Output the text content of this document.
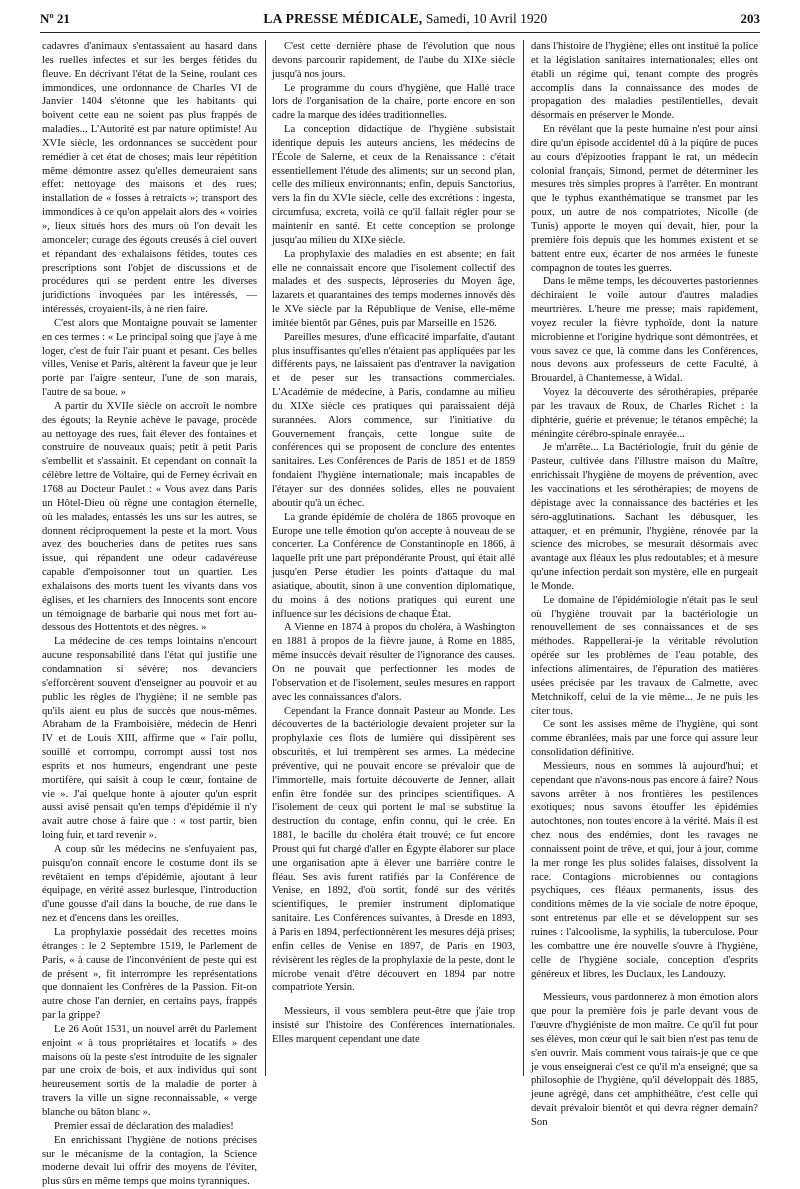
Nº 21	LA PRESSE MÉDICALE, Samedi, 10 Avril 1920	203

cadavres d'animaux s'entassaient au hasard dans les ruelles infectes et sur les berges fétides du fleuve. En décrivant l'état de la Seine, roulant ces immondices, une ordonnance de Charles VI de Janvier 1404 s'étonne que les habitants qui boivent cette eau ne soient pas plus frappés de maladies... L'Autorité est par nature optimiste! Au XVIe siècle, les ordonnances se succèdent pour remédier à cet état de choses; mais leur répétition même démontre assez qu'elles demeuraient sans effet: nettoyage des maisons et des rues; installation de « fosses à retraicts »; transport des immondices à ce qu'on appelait alors des « voiries », lieux situés hors des murs où l'on devait les amonceler; curage des égouts creusés à ciel ouvert et répandant des exhalaisons fétides, toutes ces prescriptions sont l'objet de discussions et de procédures qui se perdent entre les diverses juridictions invoquées par les intéressés, — intéressés, croyaient-ils, à ne rien faire.

C'est alors que Montaigne pouvait se lamenter en ces termes : « Le principal soing que j'aye à me loger, c'est de fuir l'air puant et pesant. Ces belles villes, Venise et Paris, altèrent la faveur que je leur porte par l'aigre senteur, l'une de son marais, l'autre de sa boue. »

A partir du XVIIe siècle on accroît le nombre des égouts; la Reynie achève le pavage, procède au nettoyage des rues, fait élever des fontaines et construire de nouveaux quais; petit à petit Paris s'embellit et s'assainit. Et cependant on connaît la célèbre lettre de Voltaire, qui de Ferney écrivait en 1768 au Docteur Paulet : « Vous avez dans Paris un Hôtel-Dieu où règne une contagion éternelle, où les malades, entassés les uns sur les autres, se donnent réciproquement la peste et la mort. Vous avez des boucheries dans de petites rues sans issue, qui répandent une odeur cadavéreuse capable d'empoisonner tout un quartier. Les exhalaisons des morts tuent les vivants dans vos églises, et les charniers des Innocents sont encore un témoignage de barbarie qui nous met fort au-dessous des Hottentots et des nègres. »

La médecine de ces temps lointains n'encourt aucune responsabilité dans l'état qui justifie une condamnation si sévère; nos devanciers s'efforcèrent souvent d'enseigner au pouvoir et au public les règles de l'hygiène; il ne semble pas qu'ils aient eu plus de succès que nous-mêmes. Abraham de la Framboisière, médecin de Henri IV et de Louis XIII, affirme que « l'air pollu, souillé et corrompu, corrompt aussi tost nos esprits et nos humeurs, engendrant une peste mortifère, qui saisit à coup le cœur, fontaine de vie ». J'ai quelque honte à ajouter qu'un esprit aussi avisé pensait qu'en temps d'épidémie il n'y avait autre chose à faire que : « tost partir, bien loing fuir, et tard revenir ».

A coup sûr les médecins ne s'enfuyaient pas, puisqu'on connaît encore le costume dont ils se revêtaient en temps d'épidémie, ajoutant à leur équipage, en vérité assez burlesque, l'introduction d'une gousse d'ail dans la bouche, de rue dans le nez et d'encens dans les oreilles.

La prophylaxie possédait des recettes moins étranges : le 2 Septembre 1519, le Parlement de Paris, « à cause de l'inconvénient de peste qui est de présent », fit interrompre les représentations que donnaient les Confrères de la Passion. Fit-on autre chose l'an dernier, en certains pays, frappés par la grippe?

Le 26 Août 1531, un nouvel arrêt du Parlement enjoint « à tous propriétaires et locatifs » des maisons où la peste s'est introduite de les signaler par une croix de bois, et aux individus qui sont heureusement sortis de la maladie de porter à travers la ville un signe reconnaissable, « verge blanche ou bâton blanc ».

Premier essai de déclaration des maladies!

En enrichissant l'hygiène de notions précises sur le mécanisme de la contagion, la Science moderne devait lui offrir des moyens de l'éviter, plus sûrs en même temps que moins tyranniques.

C'est cette dernière phase de l'évolution que nous devons parcourir rapidement, de l'aube du XIXe siècle jusqu'à nos jours.

Le programme du cours d'hygiène, que Hallé trace lors de l'organisation de la chaire, porte encore en son cadre la marque des idées traditionnelles.

La conception didactique de l'hygiène subsistait identique depuis les auteurs anciens, les médecins de l'École de Salerne, et ceux de la Renaissance : c'était essentiellement l'étude des aliments; sur un second plan, celle des milieux environnants; enfin, depuis Sanctorius, vers la fin du XVIe siècle, celle des excrétions : ingesta, circumfusa, excreta, voilà ce qu'il fallait régler pour se maintenir en santé. Et cette conception se prolonge jusqu'au milieu du XIXe siècle.

La prophylaxie des maladies en est absente; en fait elle ne connaissait encore que l'isolement collectif des malades et des suspects, léproseries du Moyen âge, lazarets et quarantaines des temps modernes innovés dès le XVe siècle par la République de Venise, elle-même imitée bientôt par Gênes, puis par Marseille en 1526.

Pareilles mesures, d'une efficacité imparfaite, d'autant plus insuffisantes qu'elles n'étaient pas appliquées par les différents pays, ne laissaient pas d'entraver la navigation et de peser sur les transactions commerciales. L'Académie de médecine, à Paris, condamne au milieu du XIXe siècle ces pratiques qui paraissaient déjà surannées. Alors commence, sur l'initiative du Gouvernement français, cette longue suite de conférences qui se proposent de conclure des ententes sanitaires. Les Conférences de Paris de 1851 et de 1859 fondaient l'hygiène internationale; mais incapables de l'étayer sur des données solides, elles ne pouvaient aboutir qu'à un échec.

La grande épidémie de choléra de 1865 provoque en Europe une telle émotion qu'on accepte à nouveau de se concerter. La Conférence de Constantinople en 1866, à laquelle prit une part prépondérante Proust, qui était allé jusqu'en Perse étudier les points d'attaque du mal asiatique, aboutit, sinon à une convention diplomatique, du moins à des notions pratiques qui eurent une influence sur les décisions de chaque État.

A Vienne en 1874 à propos du choléra, à Washington en 1881 à propos de la fièvre jaune, à Rome en 1885, même insuccès devait résulter de l'ignorance des causes. On ne pouvait que perfectionner les modes de l'observation et de l'isolement, seules mesures en rapport avec les connaissances d'alors.

Cependant la France donnait Pasteur au Monde. Les découvertes de la bactériologie devaient projeter sur la prophylaxie ces flots de lumière qui dissipèrent ses obscurités, et lui trempèrent ses armes. La médecine préventive, qui ne pouvait encore se prévaloir que de l'immortelle, mais fortuite découverte de Jenner, allait enfin être fondée sur des principes scientifiques. A l'isolement de ceux qui portent le mal se substitue la destruction du contage, enfin connu, qui le crée. En 1881, le bacille du choléra était trouvé; ce fut encore Proust qui fut chargé d'aller en Égypte élaborer sur place une organisation apte à élever une barrière contre le fléau. Ses avis furent ratifiés par la Conférence de Venise, en 1892, d'où sortit, fondé sur des vérités scientifiques, le premier instrument diplomatique sanitaire. Les Conférences suivantes, à Dresde en 1893, à Paris en 1894, perfectionnèrent les mesures déjà prises; enfin celles de Venise en 1897, de Paris en 1903, révisèrent les règles de la prophylaxie de la peste, dont le microbe venait d'être découvert en 1894 par notre compatriote Yersin.

Messieurs, il vous semblera peut-être que j'aie trop insisté sur l'histoire des Conférences internationales. Elles marquent cependant une date

dans l'histoire de l'hygiène; elles ont institué la police et la législation sanitaires internationales; elles ont établi un régime qui, tenant compte des progrès accomplis dans la connaissance des modes de propagation des maladies pestilentielles, devait désormais en préserver le Monde.

En révélant que la peste humaine n'est pour ainsi dire qu'un épisode accidentel dû à la piqûre de puces au cours d'épizooties frappant le rat, un médecin colonial français, Simond, permet de déterminer les mesures très simples propres à l'arrêter. En montrant que le typhus exanthématique se transmet par les poux, un autre de nos compatriotes, Nicolle (de Tunis) apporte le moyen qui devait, hier, pour la première fois depuis que les hommes existent et se battent entre eux, écarter de nos armées le funeste compagnon de toutes les guerres.

Dans le même temps, les découvertes pastoriennes déchiraient le voile autour d'autres maladies meurtrières. L'heure me presse; mais rapidement, voyez reculer la fièvre typhoïde, dont la nature microbienne et l'origine hydrique sont démontrées, et vous savez ce que, là comme dans les Conférences, nous devons aux professeurs de cette Faculté, à Brouardel, à Chantemesse, à Widal.

Voyez la découverte des sérothérapies, préparée par les travaux de Roux, de Charles Richet : la diphtérie, guérie et prévenue; le tétanos empêché; la méningite cérébro-spinale enrayée...

Je m'arrête... La Bactériologie, fruit du génie de Pasteur, cultivée dans l'illustre maison du Maître, enrichissait l'hygiène de moyens de prévention, avec les vaccinations et les sérothérapies; de moyens de dépistage avec la connaissance des bactéries et les séro-agglutinations. Sachant les débusquer, les attaquer, et en prémunir, l'hygiène, rénovée par la science des microbes, se mesurait désormais avec avantage aux fléaux les plus redoutables; et à mesure qu'une infection perdait son mystère, elle en purgeait le Monde.

Le domaine de l'épidémiologie n'était pas le seul où l'hygiène trouvait par la bactériologie un renouvellement de ses connaissances et de ses méthodes. Rappellerai-je la véritable révolution opérée sur les problèmes de l'eau potable, des infections alimentaires, de l'épuration des matières usées précisée par les travaux de Calmette, avec Metchnikoff, celui de la vie même... Je ne puis les citer tous.

Ce sont les assises même de l'hygiène, qui sont comme ébranlées, mais par une force qui assure leur consolidation définitive.

Messieurs, nous en sommes là aujourd'hui; et cependant que n'avons-nous pas encore à faire? Nous savons arrêter à nos frontières les pestilences exotiques; nous savons étouffer les épidémies autochtones, non toutes encore à la vérité. Mais il est chez nous des endémies, dont les ravages ne connaissent point de trêve, et qui, jour à jour, comme la mer ronge les plus solides falaises, dissolvent la race. Contagions microbiennes ou contagions psychiques, ces fléaux permanents, issus des conditions mêmes de la vie sociale de notre époque, sont entretenus par elle et se développent sur ses ruines : l'alcoolisme, la syphilis, la tuberculose. Pour les combattre une ère nouvelle s'ouvre à l'hygiène, celle de l'hygiène sociale, conception d'esprits généreux et libres, les Duclaux, les Landouzy.

Messieurs, vous pardonnerez à mon émotion alors que pour la première fois je parle devant vous de l'œuvre d'hygiéniste de mon maître. Ce qu'il fut pour ses élèves, mon cœur qui le sait bien n'est pas tenu de s'en ouvrir. Mais comment vous tairais-je que ce que je vous enseignerai c'est ce qu'il m'a enseigné; que sa philosophie de l'hygiène, qu'il développait dès 1885, jeune agrégé, dans cet amphithéâtre, c'est celle qui devait prévaloir bientôt et qui devra régner demain? Son
